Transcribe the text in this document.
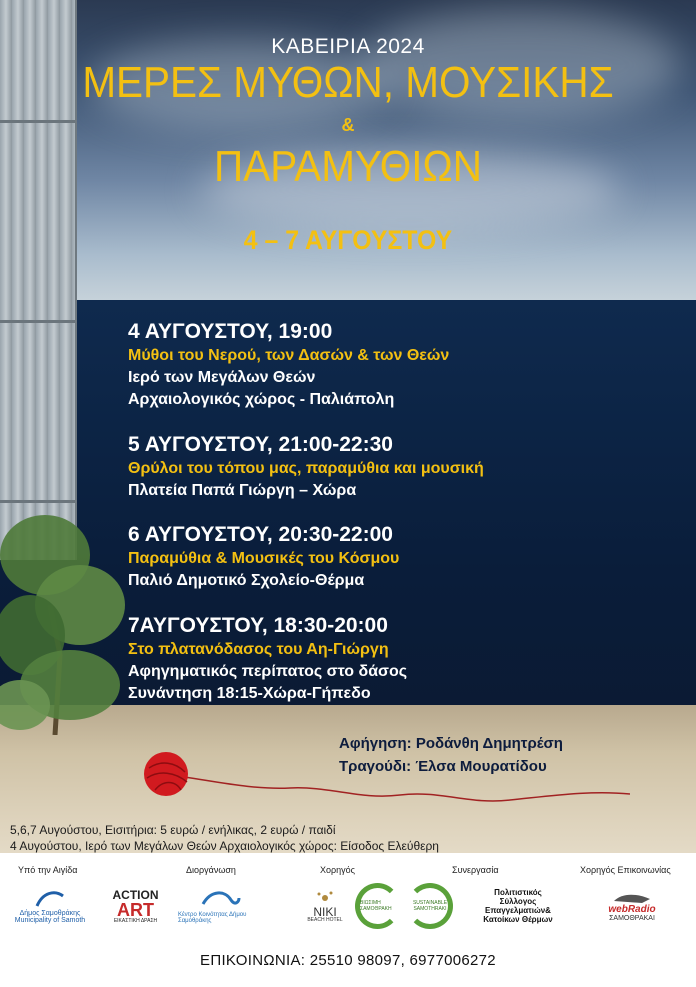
ΚΑΒΕΙΡΙΑ 2024
ΜΕΡΕΣ ΜΥΘΩΝ, ΜΟΥΣΙΚΗΣ
&
ΠΑΡΑΜΥΘΙΩΝ
4 – 7 ΑΥΓΟΥΣΤΟΥ
4 ΑΥΓΟΥΣΤΟΥ, 19:00
Μύθοι του Νερού, των Δασών & των Θεών
Ιερό των Μεγάλων Θεών
Αρχαιολογικός χώρος - Παλιάπολη
5 ΑΥΓΟΥΣΤΟΥ, 21:00-22:30
Θρύλοι του τόπου μας, παραμύθια και μουσική
Πλατεία Παπά Γιώργη – Χώρα
6 ΑΥΓΟΥΣΤΟΥ, 20:30-22:00
Παραμύθια & Μουσικές του Κόσμου
Παλιό Δημοτικό Σχολείο-Θέρμα
7ΑΥΓΟΥΣΤΟΥ, 18:30-20:00
Στο πλατανόδασος του Αη-Γιώργη
Αφηγηματικός περίπατος στο δάσος
Συνάντηση 18:15-Χώρα-Γήπεδο
Αφήγηση: Ροδάνθη Δημητρέση
Τραγούδι: Έλσα Μουρατίδου
5,6,7 Αυγούστου, Εισιτήρια: 5 ευρώ / ενήλικας, 2 ευρώ / παιδί
4 Αυγούστου, Ιερό των Μεγάλων Θεών Αρχαιολογικός χώρος: Είσοδος Ελεύθερη
Υπό την Αιγίδα	Διοργάνωση	Χορηγός	Συνεργασία	Χορηγός Επικοινωνίας
Δήμος Σαμοθράκης Municipality of Samoth
ACTION
ART
ΕΙΚΑΣΤΙΚΗ ΔΡΑΣΗ
Κέντρο Κοινότητας Δήμου Σαμοθράκης
NIKI
BEACH HOTEL
ΒΙΩΣΙΜΗ ΣΑΜΟΘΡΑΚΗ
SUSTAINABLE SAMOTHRAKI
Πολιτιστικός Σύλλογος Επαγγελματιών& Κατοίκων Θέρμων
webRadio
ΣΑΜΟΘΡΑΚΑΙ
ΕΠΙΚΟΙΝΩΝΙΑ: 25510 98097, 6977006272
